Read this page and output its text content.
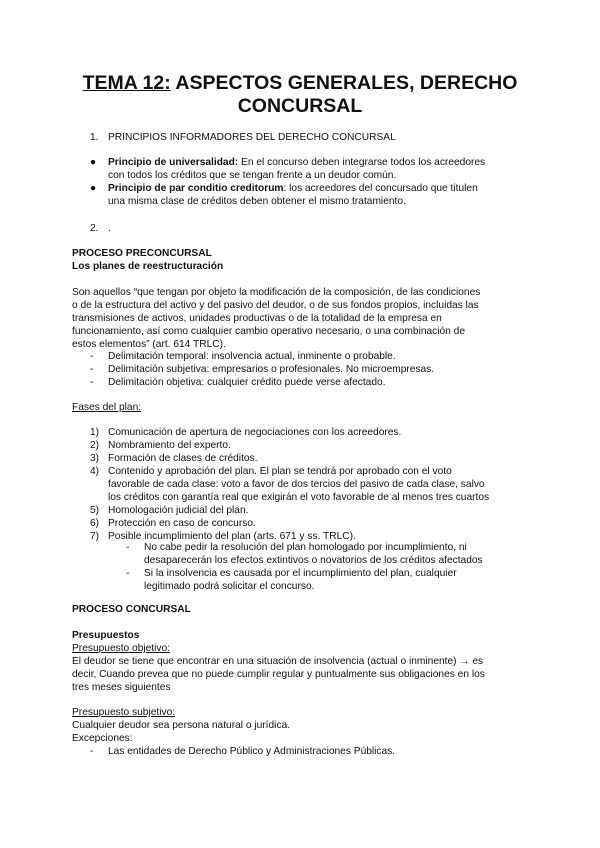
TEMA 12: ASPECTOS GENERALES, DERECHO
CONCURSAL
1. PRINCIPIOS INFORMADORES DEL DERECHO CONCURSAL
● Principio de universalidad: En el concurso deben integrarse todos los acreedores
con todos los créditos que se tengan frente a un deudor común.
● Principio de par conditio creditorum: los acreedores del concursado que titulen
una misma clase de créditos deben obtener el mismo tratamiento.
2. .
PROCESO PRECONCURSAL
Los planes de reestructuración
Son aquellos “que tengan por objeto la modificación de la composición, de las condiciones
o de la estructura del activo y del pasivo del deudor, o de sus fondos propios, incluidas las
transmisiones de activos, unidades productivas o de la totalidad de la empresa en
funcionamiento, así como cualquier cambio operativo necesario, o una combinación de
estos elementos” (art. 614 TRLC).
- Delimitación temporal: insolvencia actual, inminente o probable.
- Delimitación subjetiva: empresarios o profesionales. No microempresas.
- Delimitación objetiva: cualquier crédito puede verse afectado.
Fases del plan:
1) Comunicación de apertura de negociaciones con los acreedores.
2) Nombramiento del experto.
3) Formación de clases de créditos.
4) Contenido y aprobación del plan. El plan se tendrá por aprobado con el voto
favorable de cada clase: voto a favor de dos tercios del pasivo de cada clase, salvo
los créditos con garantía real que exigirán el voto favorable de al menos tres cuartos
5) Homologación judicial del plan.
6) Protección en caso de concurso.
7) Posible incumplimiento del plan (arts. 671 y ss. TRLC).
- No cabe pedir la resolución del plan homologado por incumplimiento, ni
desaparecerán los efectos extintivos o novatorios de los créditos afectados
- Si la insolvencia es causada por el incumplimiento del plan, cualquier
legitimado podrá solicitar el concurso.
PROCESO CONCURSAL
Presupuestos
Presupuesto objetivo:
El deudor se tiene que encontrar en una situación de insolvencia (actual o inminente) → es
decir, Cuando prevea que no puede cumplir regular y puntualmente sus obligaciones en los
tres meses siguientes
Presupuesto subjetivo:
Cualquier deudor sea persona natural o jurídica.
Excepciones:
- Las entidades de Derecho Público y Administraciones Públicas.
